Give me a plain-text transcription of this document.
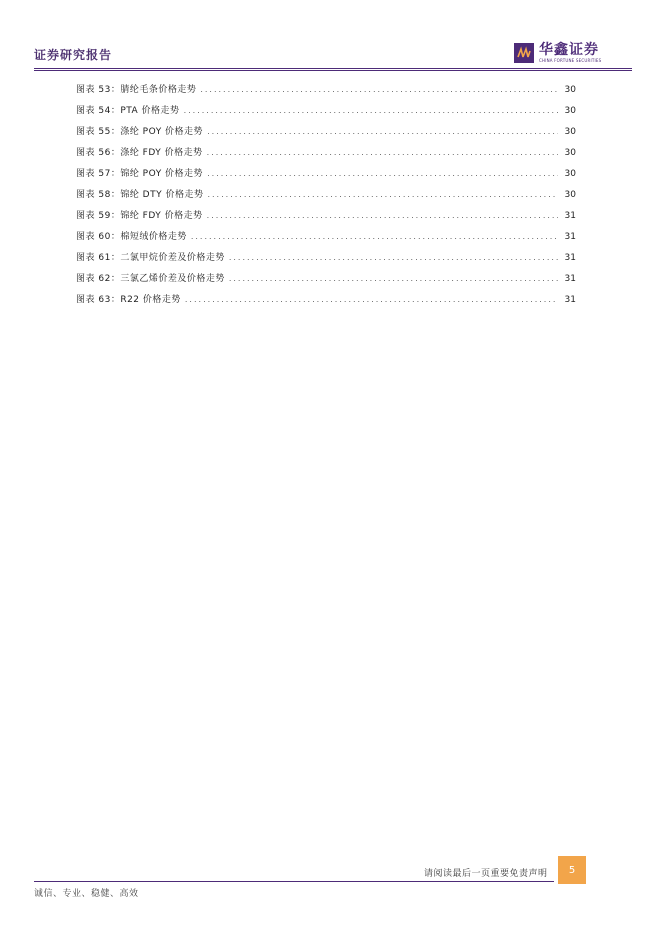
证券研究报告	华鑫证券
CHINA FORTUNE SECURITIES
图表 53：腈纶毛条价格走势 .....	30
图表 54：PTA 价格走势 .....	30
图表 55：涤纶 POY 价格走势 .....	30
图表 56：涤纶 FDY 价格走势 .....	30
图表 57：锦纶 POY 价格走势 .....	30
图表 58：锦纶 DTY 价格走势 .....	30
图表 59：锦纶 FDY 价格走势 .....	31
图表 60：棉短绒价格走势 .....	31
图表 61：二氯甲烷价差及价格走势 .....	31
图表 62：三氯乙烯价差及价格走势 .....	31
图表 63：R22 价格走势 .....	31
请阅读最后一页重要免责声明	5
诚信、专业、稳健、高效
